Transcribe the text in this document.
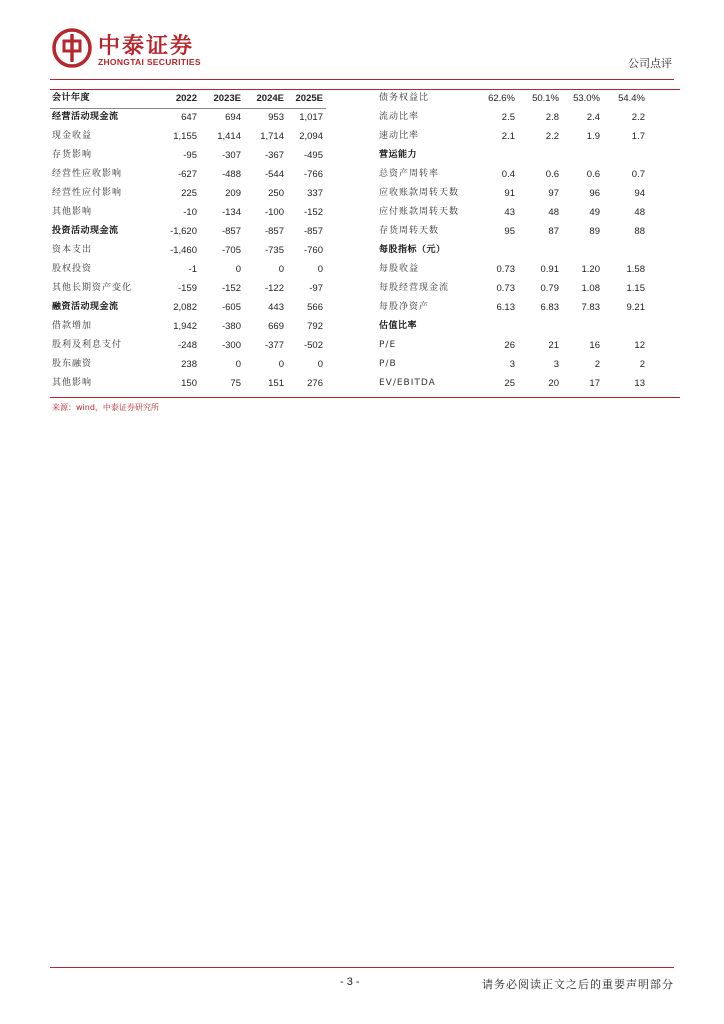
中泰证券
ZHONGTAI SECURITIES	公司点评
会计年度	2022	2023E	2024E	2025E	债务权益比	62.6%	50.1%	53.0%	54.4%
经营活动现金流	647	694	953	1,017	流动比率	2.5	2.8	2.4	2.2
现金收益	1,155	1,414	1,714	2,094	速动比率	2.1	2.2	1.9	1.7
存货影响	-95	-307	-367	-495	营运能力
经营性应收影响	-627	-488	-544	-766	总资产周转率	0.4	0.6	0.6	0.7
经营性应付影响	225	209	250	337	应收账款周转天数	91	97	96	94
其他影响	-10	-134	-100	-152	应付账款周转天数	43	48	49	48
投资活动现金流	-1,620	-857	-857	-857	存货周转天数	95	87	89	88
资本支出	-1,460	-705	-735	-760	每股指标（元）
股权投资	-1	0	0	0	每股收益	0.73	0.91	1.20	1.58
其他长期资产变化	-159	-152	-122	-97	每股经营现金流	0.73	0.79	1.08	1.15
融资活动现金流	2,082	-605	443	566	每股净资产	6.13	6.83	7.83	9.21
借款增加	1,942	-380	669	792	估值比率
股利及利息支付	-248	-300	-377	-502	P/E	26	21	16	12
股东融资	238	0	0	0	P/B	3	3	2	2
其他影响	150	75	151	276	EV/EBITDA	25	20	17	13
来源：wind，中泰证券研究所
- 3 -	请务必阅读正文之后的重要声明部分
